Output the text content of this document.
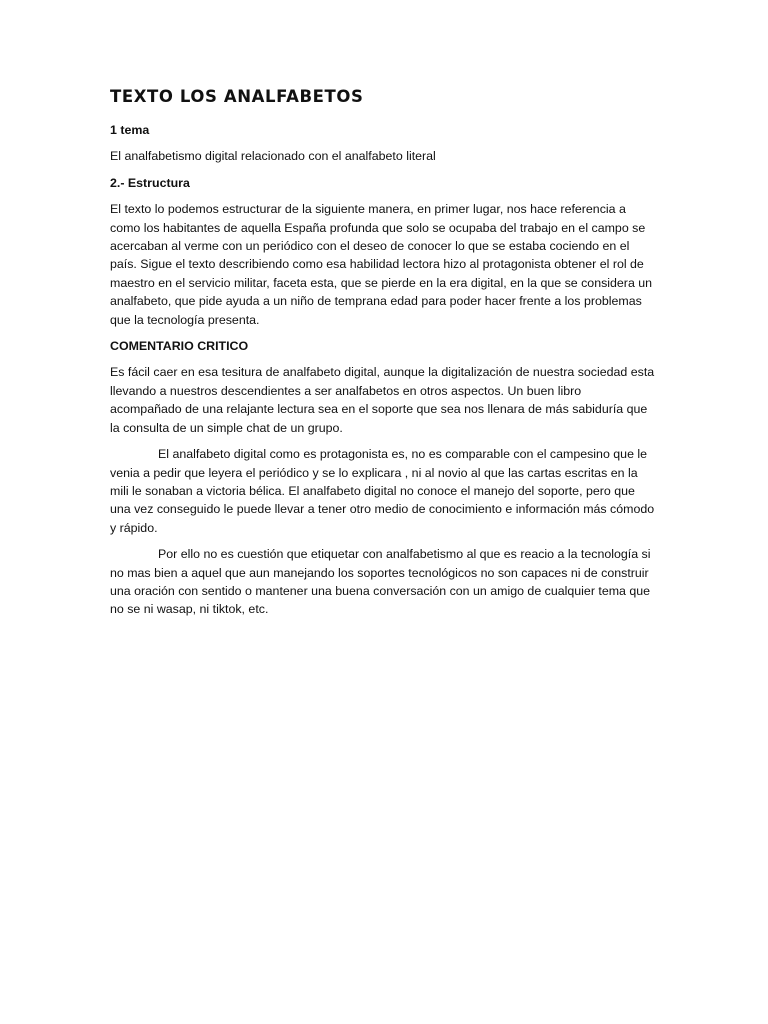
TEXTO LOS ANALFABETOS
1 tema
El analfabetismo digital relacionado con el analfabeto literal
2.- Estructura
El texto lo podemos estructurar de la siguiente manera, en primer lugar, nos hace referencia a como los habitantes de aquella España profunda que solo se ocupaba del trabajo en el campo se acercaban al verme con un periódico con el deseo de conocer lo que se estaba cociendo en el país. Sigue el texto describiendo como esa habilidad lectora hizo al protagonista obtener el rol de maestro en el servicio militar, faceta esta, que se pierde en la era digital, en la que se considera un analfabeto, que pide ayuda a un niño de temprana edad para poder hacer frente a los problemas que la tecnología presenta.
COMENTARIO CRITICO
Es fácil caer en esa tesitura de analfabeto digital, aunque la digitalización de nuestra sociedad esta llevando a nuestros descendientes a ser analfabetos en otros aspectos. Un buen libro acompañado de una relajante lectura sea en el soporte que sea nos llenara de más sabiduría que la consulta de un simple chat de un grupo.
El analfabeto digital como es protagonista es, no es comparable con el campesino que le venia a pedir que leyera el periódico y se lo explicara , ni al novio al que las cartas escritas en la mili le sonaban a victoria bélica. El analfabeto digital no conoce el manejo del soporte, pero que una vez conseguido le puede llevar a tener otro medio de conocimiento e información más cómodo y rápido.
Por ello no es cuestión que etiquetar con analfabetismo al que es reacio a la tecnología si no mas bien a aquel que aun manejando los soportes tecnológicos no son capaces ni de construir una oración con sentido o mantener una buena conversación con un amigo de cualquier tema que no se ni wasap, ni tiktok, etc.
